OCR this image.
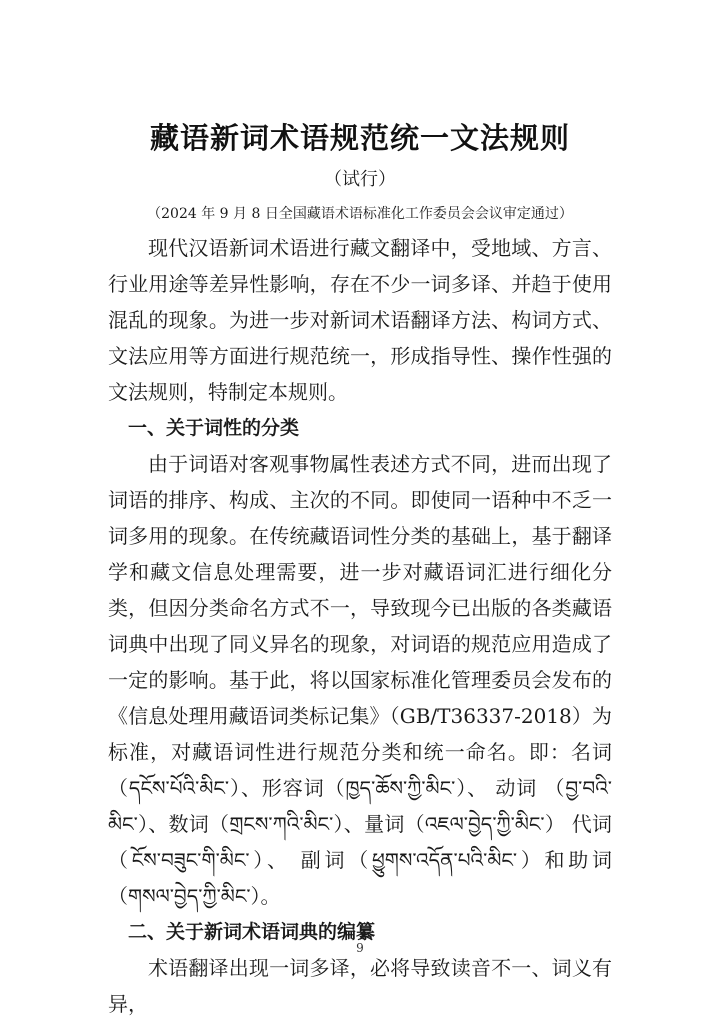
藏语新词术语规范统一文法规则
（试行）
（2024 年 9 月 8 日全国藏语术语标准化工作委员会会议审定通过）

现代汉语新词术语进行藏文翻译中，受地域、方言、行业用途等差异性影响，存在不少一词多译、并趋于使用混乱的现象。为进一步对新词术语翻译方法、构词方式、文法应用等方面进行规范统一，形成指导性、操作性强的文法规则，特制定本规则。

一、关于词性的分类

由于词语对客观事物属性表述方式不同，进而出现了词语的排序、构成、主次的不同。即使同一语种中不乏一词多用的现象。在传统藏语词性分类的基础上，基于翻译学和藏文信息处理需要，进一步对藏语词汇进行细化分类，但因分类命名方式不一，导致现今已出版的各类藏语词典中出现了同义异名的现象，对词语的规范应用造成了一定的影响。基于此，将以国家标准化管理委员会发布的《信息处理用藏语词类标记集》（GB/T36337-2018）为标准，对藏语词性进行规范分类和统一命名。即：名词（དངོས་པོའི་མིང་）、形容词（ཁྱད་ཆོས་ཀྱི་མིང་）、 动词 （བྱ་བའི་མིང་）、数词（གྲངས་ཀའི་མིང་）、量词（འཇལ་བྱེད་ཀྱི་མིང་） 代词（ངོས་བཟུང་གི་མིང་）、 副词（ཕྱུགས་འདོན་པའི་མིང་）和助词（གསལ་བྱེད་ཀྱི་མིང་）。

二、关于新词术语词典的编纂

术语翻译出现一词多译，必将导致读音不一、词义有异，

9
